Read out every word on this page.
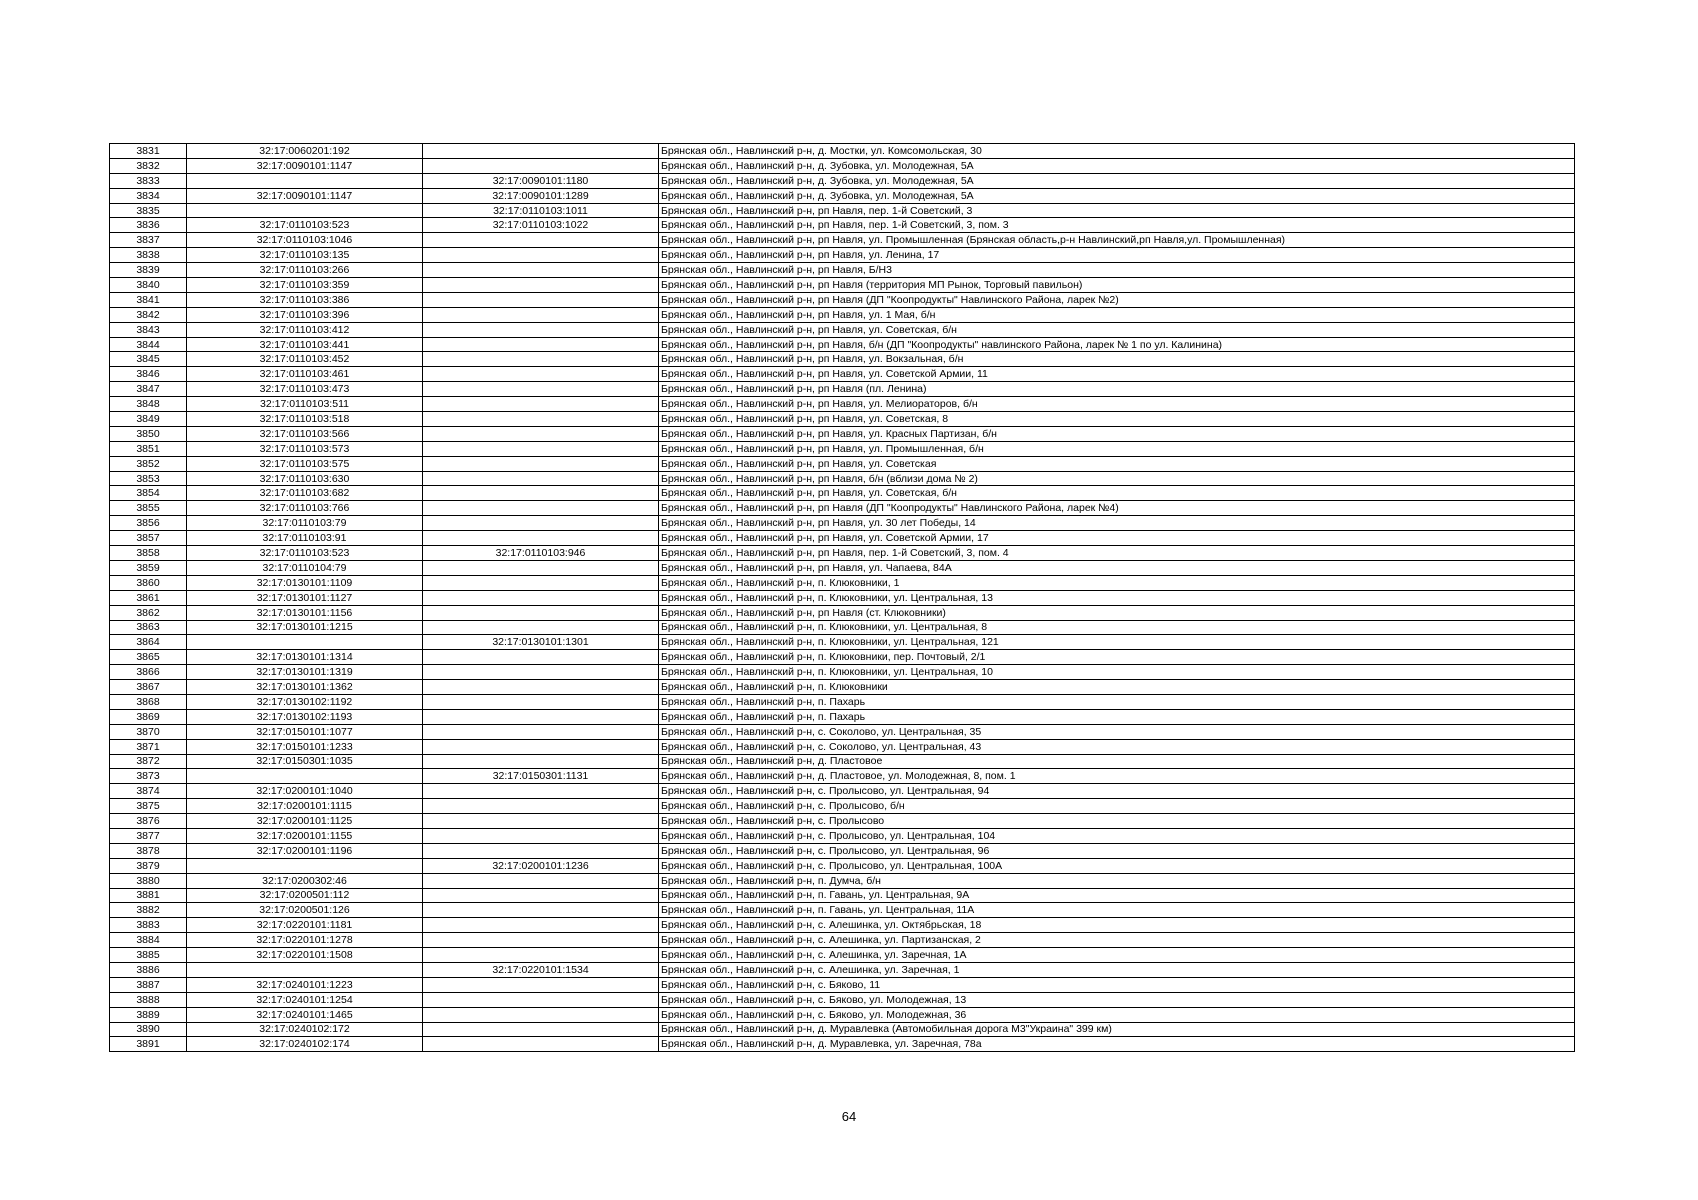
3831	32:17:0060201:192		Брянская обл., Навлинский р-н, д. Мостки, ул. Комсомольская, 30
3832	32:17:0090101:1147		Брянская обл., Навлинский р-н, д. Зубовка, ул. Молодежная, 5А
3833		32:17:0090101:1180	Брянская обл., Навлинский р-н, д. Зубовка, ул. Молодежная, 5А
3834	32:17:0090101:1147	32:17:0090101:1289	Брянская обл., Навлинский р-н, д. Зубовка, ул. Молодежная, 5А
3835		32:17:0110103:1011	Брянская обл., Навлинский р-н, рп Навля, пер. 1-й Советский, 3
3836	32:17:0110103:523	32:17:0110103:1022	Брянская обл., Навлинский р-н, рп Навля, пер. 1-й Советский, 3, пом. 3
3837	32:17:0110103:1046		Брянская обл., Навлинский р-н, рп Навля, ул. Промышленная (Брянская область,р-н Навлинский,рп Навля,ул. Промышленная)
3838	32:17:0110103:135		Брянская обл., Навлинский р-н, рп Навля, ул. Ленина, 17
3839	32:17:0110103:266		Брянская обл., Навлинский р-н, рп Навля, Б/Н3
3840	32:17:0110103:359		Брянская обл., Навлинский р-н, рп Навля (территория МП Рынок, Торговый павильон)
3841	32:17:0110103:386		Брянская обл., Навлинский р-н, рп Навля (ДП "Коопродукты" Навлинского Района, ларек №2)
3842	32:17:0110103:396		Брянская обл., Навлинский р-н, рп Навля, ул. 1 Мая, б/н
3843	32:17:0110103:412		Брянская обл., Навлинский р-н, рп Навля, ул. Советская, б/н
3844	32:17:0110103:441		Брянская обл., Навлинский р-н, рп Навля, б/н (ДП "Коопродукты" навлинского Района, ларек № 1 по ул. Калинина)
3845	32:17:0110103:452		Брянская обл., Навлинский р-н, рп Навля, ул. Вокзальная, б/н
3846	32:17:0110103:461		Брянская обл., Навлинский р-н, рп Навля, ул. Советской Армии, 11
3847	32:17:0110103:473		Брянская обл., Навлинский р-н, рп Навля (пл. Ленина)
3848	32:17:0110103:511		Брянская обл., Навлинский р-н, рп Навля, ул. Мелиораторов, б/н
3849	32:17:0110103:518		Брянская обл., Навлинский р-н, рп Навля, ул. Советская, 8
3850	32:17:0110103:566		Брянская обл., Навлинский р-н, рп Навля, ул. Красных Партизан, б/н
3851	32:17:0110103:573		Брянская обл., Навлинский р-н, рп Навля, ул. Промышленная, б/н
3852	32:17:0110103:575		Брянская обл., Навлинский р-н, рп Навля, ул. Советская
3853	32:17:0110103:630		Брянская обл., Навлинский р-н, рп Навля, б/н (вблизи дома № 2)
3854	32:17:0110103:682		Брянская обл., Навлинский р-н, рп Навля, ул. Советская, б/н
3855	32:17:0110103:766		Брянская обл., Навлинский р-н, рп Навля (ДП "Коопродукты" Навлинского Района, ларек №4)
3856	32:17:0110103:79		Брянская обл., Навлинский р-н, рп Навля, ул. 30 лет Победы, 14
3857	32:17:0110103:91		Брянская обл., Навлинский р-н, рп Навля, ул. Советской Армии, 17
3858	32:17:0110103:523	32:17:0110103:946	Брянская обл., Навлинский р-н, рп Навля, пер. 1-й Советский, 3, пом. 4
3859	32:17:0110104:79		Брянская обл., Навлинский р-н, рп Навля, ул. Чапаева, 84А
3860	32:17:0130101:1109		Брянская обл., Навлинский р-н, п. Клюковники, 1
3861	32:17:0130101:1127		Брянская обл., Навлинский р-н, п. Клюковники, ул. Центральная, 13
3862	32:17:0130101:1156		Брянская обл., Навлинский р-н, рп Навля (ст. Клюковники)
3863	32:17:0130101:1215		Брянская обл., Навлинский р-н, п. Клюковники, ул. Центральная, 8
3864		32:17:0130101:1301	Брянская обл., Навлинский р-н, п. Клюковники, ул. Центральная, 121
3865	32:17:0130101:1314		Брянская обл., Навлинский р-н, п. Клюковники, пер. Почтовый, 2/1
3866	32:17:0130101:1319		Брянская обл., Навлинский р-н, п. Клюковники, ул. Центральная, 10
3867	32:17:0130101:1362		Брянская обл., Навлинский р-н, п. Клюковники
3868	32:17:0130102:1192		Брянская обл., Навлинский р-н, п. Пахарь
3869	32:17:0130102:1193		Брянская обл., Навлинский р-н, п. Пахарь
3870	32:17:0150101:1077		Брянская обл., Навлинский р-н, с. Соколово, ул. Центральная, 35
3871	32:17:0150101:1233		Брянская обл., Навлинский р-н, с. Соколово, ул. Центральная, 43
3872	32:17:0150301:1035		Брянская обл., Навлинский р-н, д. Пластовое
3873		32:17:0150301:1131	Брянская обл., Навлинский р-н, д. Пластовое, ул. Молодежная, 8, пом. 1
3874	32:17:0200101:1040		Брянская обл., Навлинский р-н, с. Пролысово, ул. Центральная, 94
3875	32:17:0200101:1115		Брянская обл., Навлинский р-н, с. Пролысово, б/н
3876	32:17:0200101:1125		Брянская обл., Навлинский р-н, с. Пролысово
3877	32:17:0200101:1155		Брянская обл., Навлинский р-н, с. Пролысово, ул. Центральная, 104
3878	32:17:0200101:1196		Брянская обл., Навлинский р-н, с. Пролысово, ул. Центральная, 96
3879		32:17:0200101:1236	Брянская обл., Навлинский р-н, с. Пролысово, ул. Центральная, 100А
3880	32:17:0200302:46		Брянская обл., Навлинский р-н, п. Думча, б/н
3881	32:17:0200501:112		Брянская обл., Навлинский р-н, п. Гавань, ул. Центральная, 9А
3882	32:17:0200501:126		Брянская обл., Навлинский р-н, п. Гавань, ул. Центральная, 11А
3883	32:17:0220101:1181		Брянская обл., Навлинский р-н, с. Алешинка, ул. Октябрьская, 18
3884	32:17:0220101:1278		Брянская обл., Навлинский р-н, с. Алешинка, ул. Партизанская, 2
3885	32:17:0220101:1508		Брянская обл., Навлинский р-н, с. Алешинка, ул. Заречная, 1А
3886		32:17:0220101:1534	Брянская обл., Навлинский р-н, с. Алешинка, ул. Заречная, 1
3887	32:17:0240101:1223		Брянская обл., Навлинский р-н, с. Бяково, 11
3888	32:17:0240101:1254		Брянская обл., Навлинский р-н, с. Бяково, ул. Молодежная, 13
3889	32:17:0240101:1465		Брянская обл., Навлинский р-н, с. Бяково, ул. Молодежная, 36
3890	32:17:0240102:172		Брянская обл., Навлинский р-н, д. Муравлевка (Автомобильная дорога М3"Украина" 399 км)
3891	32:17:0240102:174		Брянская обл., Навлинский р-н, д. Муравлевка, ул. Заречная, 78а
64
